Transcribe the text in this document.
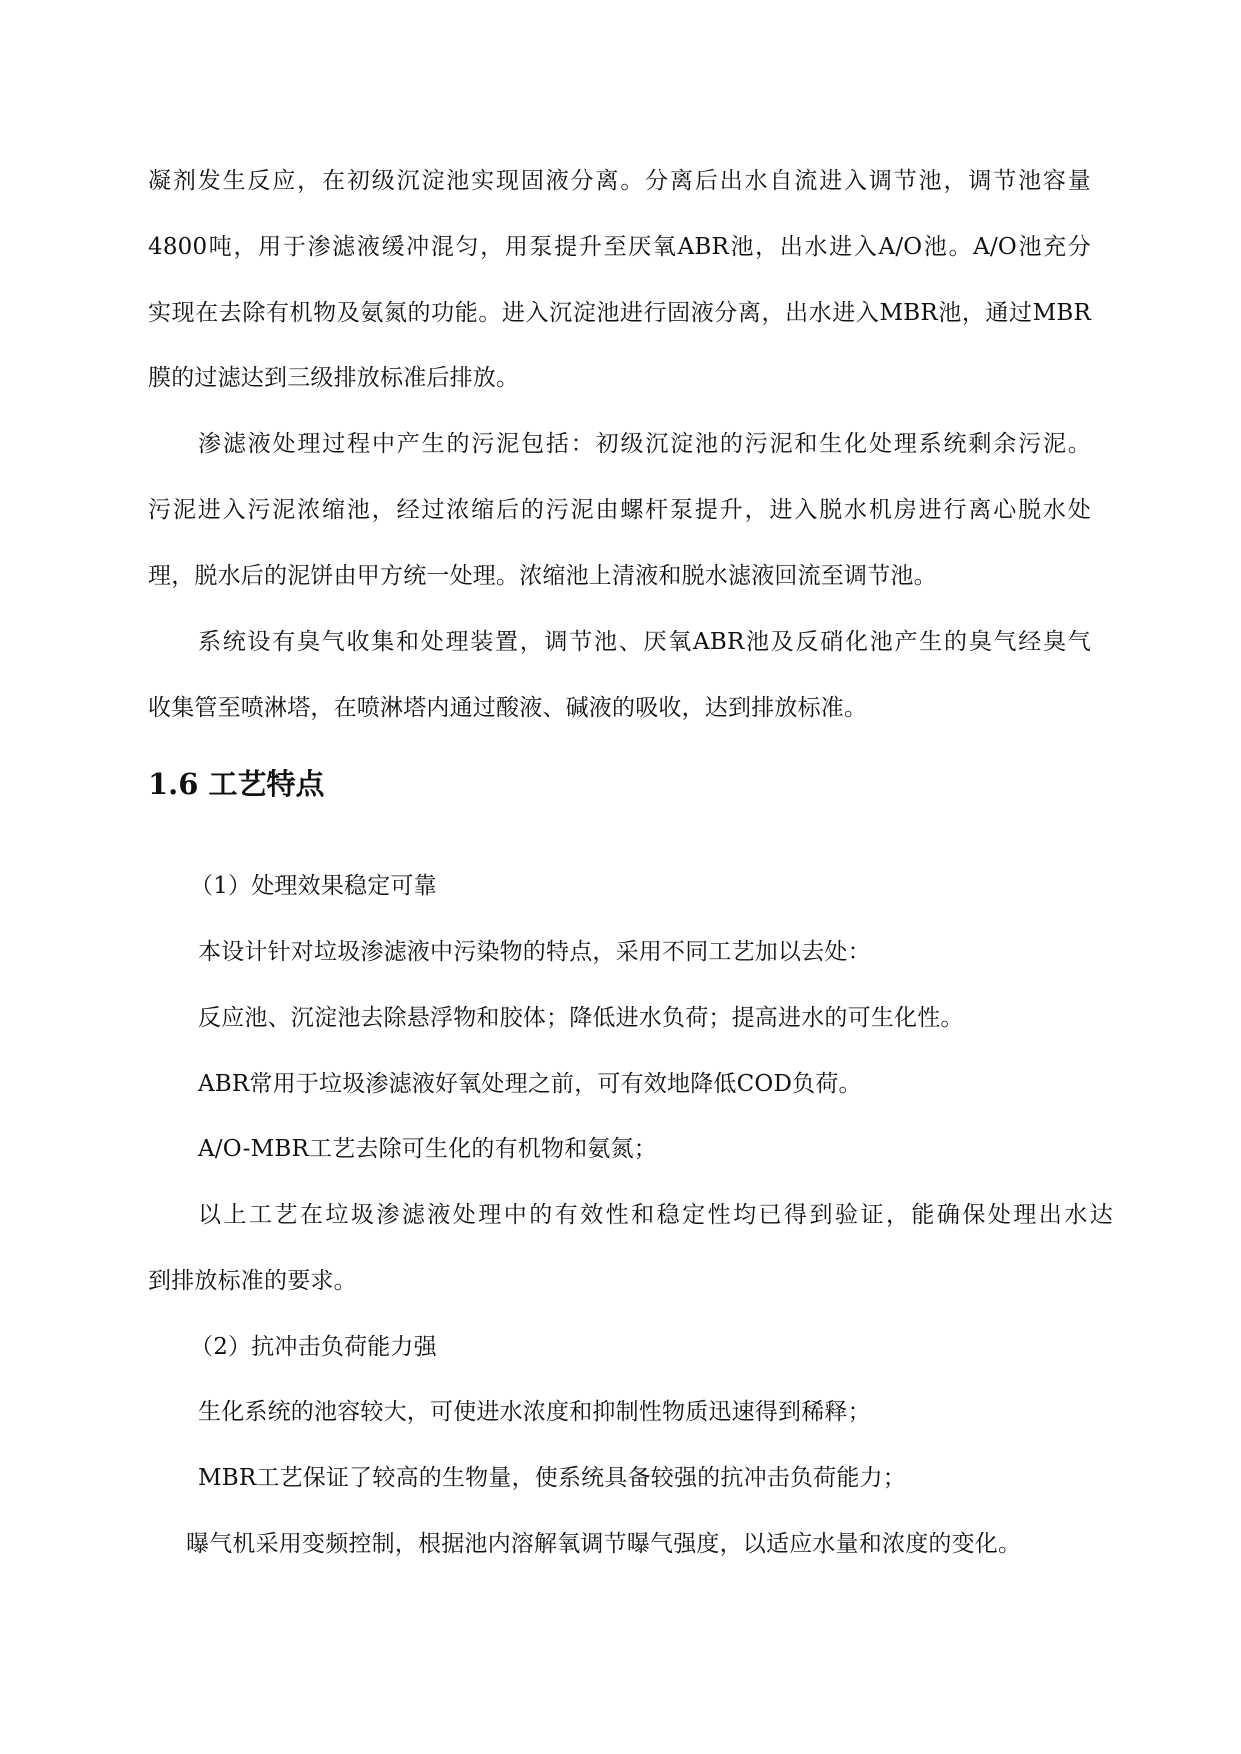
凝剂发生反应，在初级沉淀池实现固液分离。分离后出水自流进入调节池，调节池容量
4800吨，用于渗滤液缓冲混匀，用泵提升至厌氧ABR池，出水进入A/O池。A/O池充分
实现在去除有机物及氨氮的功能。进入沉淀池进行固液分离，出水进入MBR池，通过MBR
膜的过滤达到三级排放标准后排放。
渗滤液处理过程中产生的污泥包括：初级沉淀池的污泥和生化处理系统剩余污泥。
污泥进入污泥浓缩池，经过浓缩后的污泥由螺杆泵提升，进入脱水机房进行离心脱水处
理，脱水后的泥饼由甲方统一处理。浓缩池上清液和脱水滤液回流至调节池。
系统设有臭气收集和处理装置，调节池、厌氧ABR池及反硝化池产生的臭气经臭气
收集管至喷淋塔，在喷淋塔内通过酸液、碱液的吸收，达到排放标准。
1.6 工艺特点
（1）处理效果稳定可靠
本设计针对垃圾渗滤液中污染物的特点，采用不同工艺加以去处：
反应池、沉淀池去除悬浮物和胶体；降低进水负荷；提高进水的可生化性。
ABR常用于垃圾渗滤液好氧处理之前，可有效地降低COD负荷。
A/O-MBR工艺去除可生化的有机物和氨氮；
以上工艺在垃圾渗滤液处理中的有效性和稳定性均已得到验证，能确保处理出水达
到排放标准的要求。
（2）抗冲击负荷能力强
生化系统的池容较大，可使进水浓度和抑制性物质迅速得到稀释；
MBR工艺保证了较高的生物量，使系统具备较强的抗冲击负荷能力；
曝气机采用变频控制，根据池内溶解氧调节曝气强度，以适应水量和浓度的变化。
